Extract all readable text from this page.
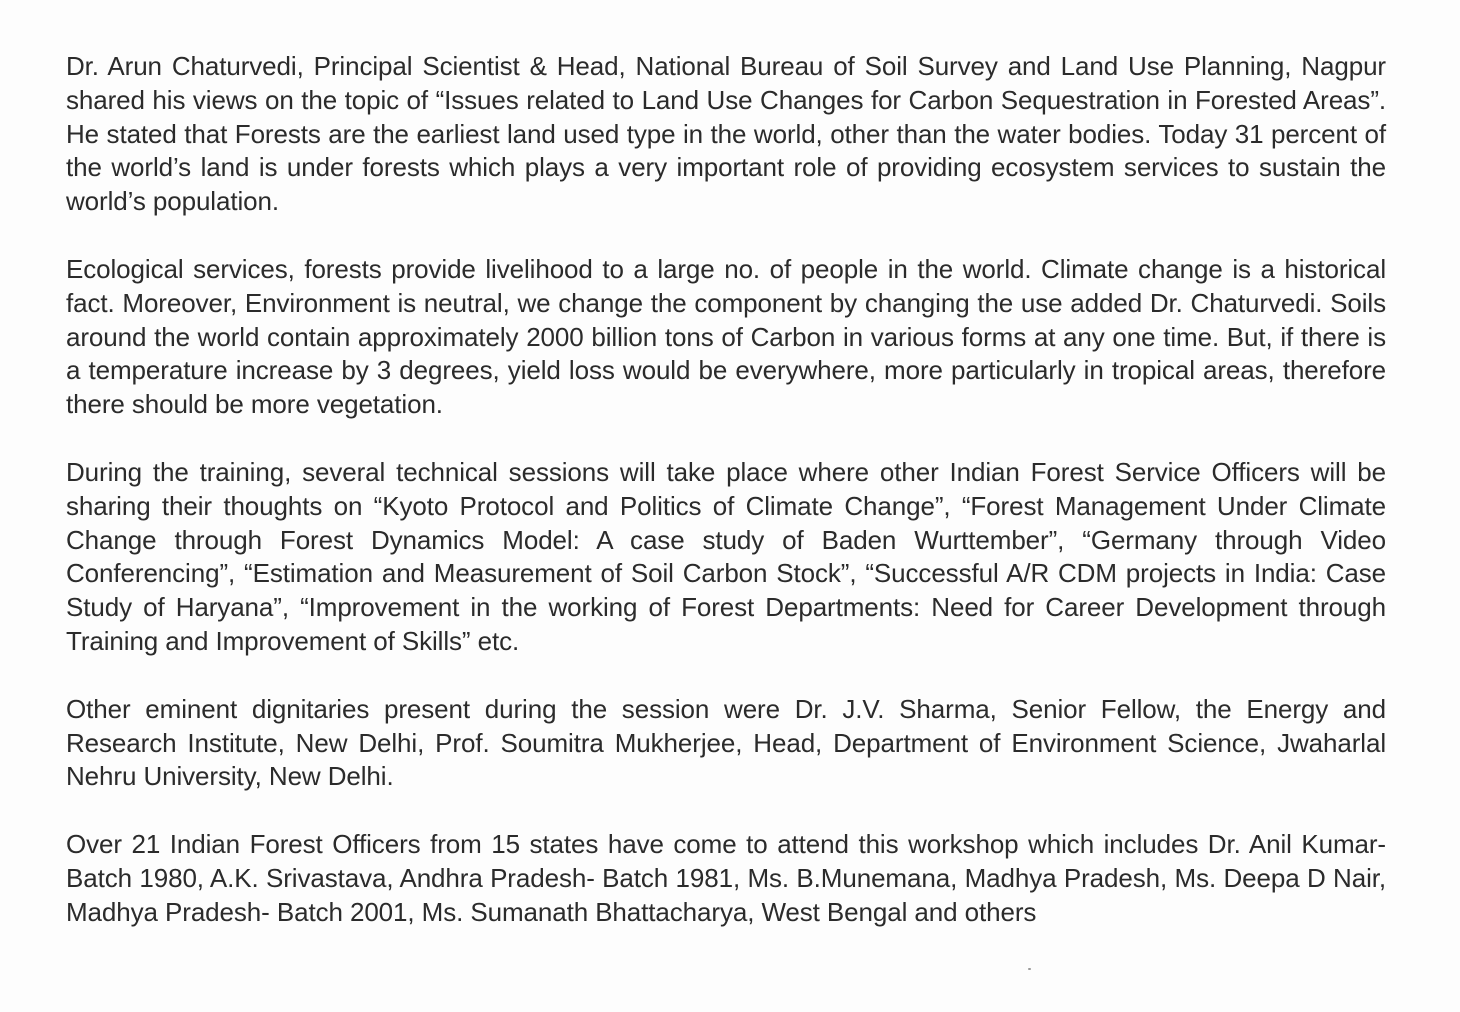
Dr. Arun Chaturvedi, Principal Scientist & Head, National Bureau of Soil Survey and Land Use Planning, Nagpur shared his views on the topic of “Issues related to Land Use Changes for Carbon Sequestration in Forested Areas”. He stated that Forests are the earliest land used type in the world, other than the water bodies. Today 31 percent of the world’s land is under forests which plays a very important role of providing ecosystem services to sustain the world’s population.

Ecological services, forests provide livelihood to a large no. of people in the world. Climate change is a historical fact. Moreover, Environment is neutral, we change the component by changing the use added Dr. Chaturvedi. Soils around the world contain approximately 2000 billion tons of Carbon in various forms at any one time. But, if there is a temperature increase by 3 degrees, yield loss would be everywhere, more particularly in tropical areas, therefore there should be more vegetation.

During the training, several technical sessions will take place where other Indian Forest Service Officers will be sharing their thoughts on “Kyoto Protocol and Politics of Climate Change”, “Forest Management Under Climate Change through Forest Dynamics Model: A case study of Baden Wurttember”, “Germany through Video Conferencing”, “Estimation and Measurement of Soil Carbon Stock”, “Successful A/R CDM projects in India: Case Study of Haryana”, “Improvement in the working of Forest Departments: Need for Career Development through Training and Improvement of Skills” etc.

Other eminent dignitaries present during the session were Dr. J.V. Sharma, Senior Fellow, the Energy and Research Institute, New Delhi, Prof. Soumitra Mukherjee, Head, Department of Environment Science, Jwaharlal Nehru University, New Delhi.

Over 21 Indian Forest Officers from 15 states have come to attend this workshop which includes Dr. Anil Kumar- Batch 1980, A.K. Srivastava, Andhra Pradesh- Batch 1981, Ms. B.Munemana, Madhya Pradesh, Ms. Deepa D Nair, Madhya Pradesh- Batch 2001, Ms. Sumanath Bhattacharya, West Bengal and others
